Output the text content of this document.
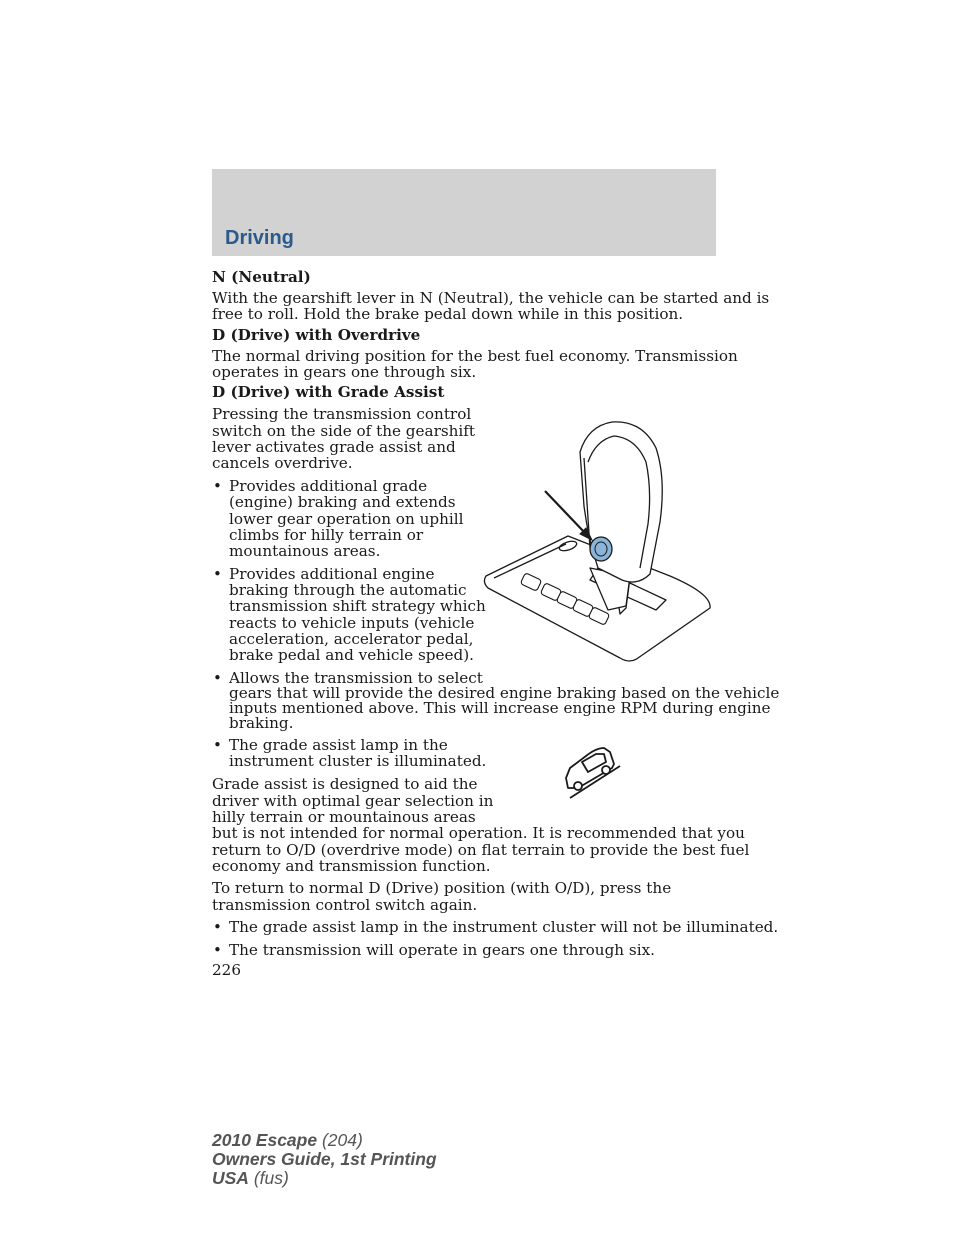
Driving
N (Neutral)
With the gearshift lever in N (Neutral), the vehicle can be started and is
free to roll. Hold the brake pedal down while in this position.
D (Drive) with Overdrive
The normal driving position for the best fuel economy. Transmission
operates in gears one through six.
D (Drive) with Grade Assist
Pressing the transmission control
switch on the side of the gearshift
lever activates grade assist and
cancels overdrive.
• Provides additional grade
(engine) braking and extends
lower gear operation on uphill
climbs for hilly terrain or
mountainous areas.
• Provides additional engine
braking through the automatic
transmission shift strategy which
reacts to vehicle inputs (vehicle
acceleration, accelerator pedal,
brake pedal and vehicle speed).
• Allows the transmission to select
gears that will provide the desired engine braking based on the vehicle
inputs mentioned above. This will increase engine RPM during engine
braking.
• The grade assist lamp in the
instrument cluster is illuminated.
Grade assist is designed to aid the
driver with optimal gear selection in
hilly terrain or mountainous areas
but is not intended for normal operation. It is recommended that you
return to O/D (overdrive mode) on flat terrain to provide the best fuel
economy and transmission function.
To return to normal D (Drive) position (with O/D), press the
transmission control switch again.
• The grade assist lamp in the instrument cluster will not be illuminated.
• The transmission will operate in gears one through six.
226
2010 Escape (204)
Owners Guide, 1st Printing
USA (fus)
